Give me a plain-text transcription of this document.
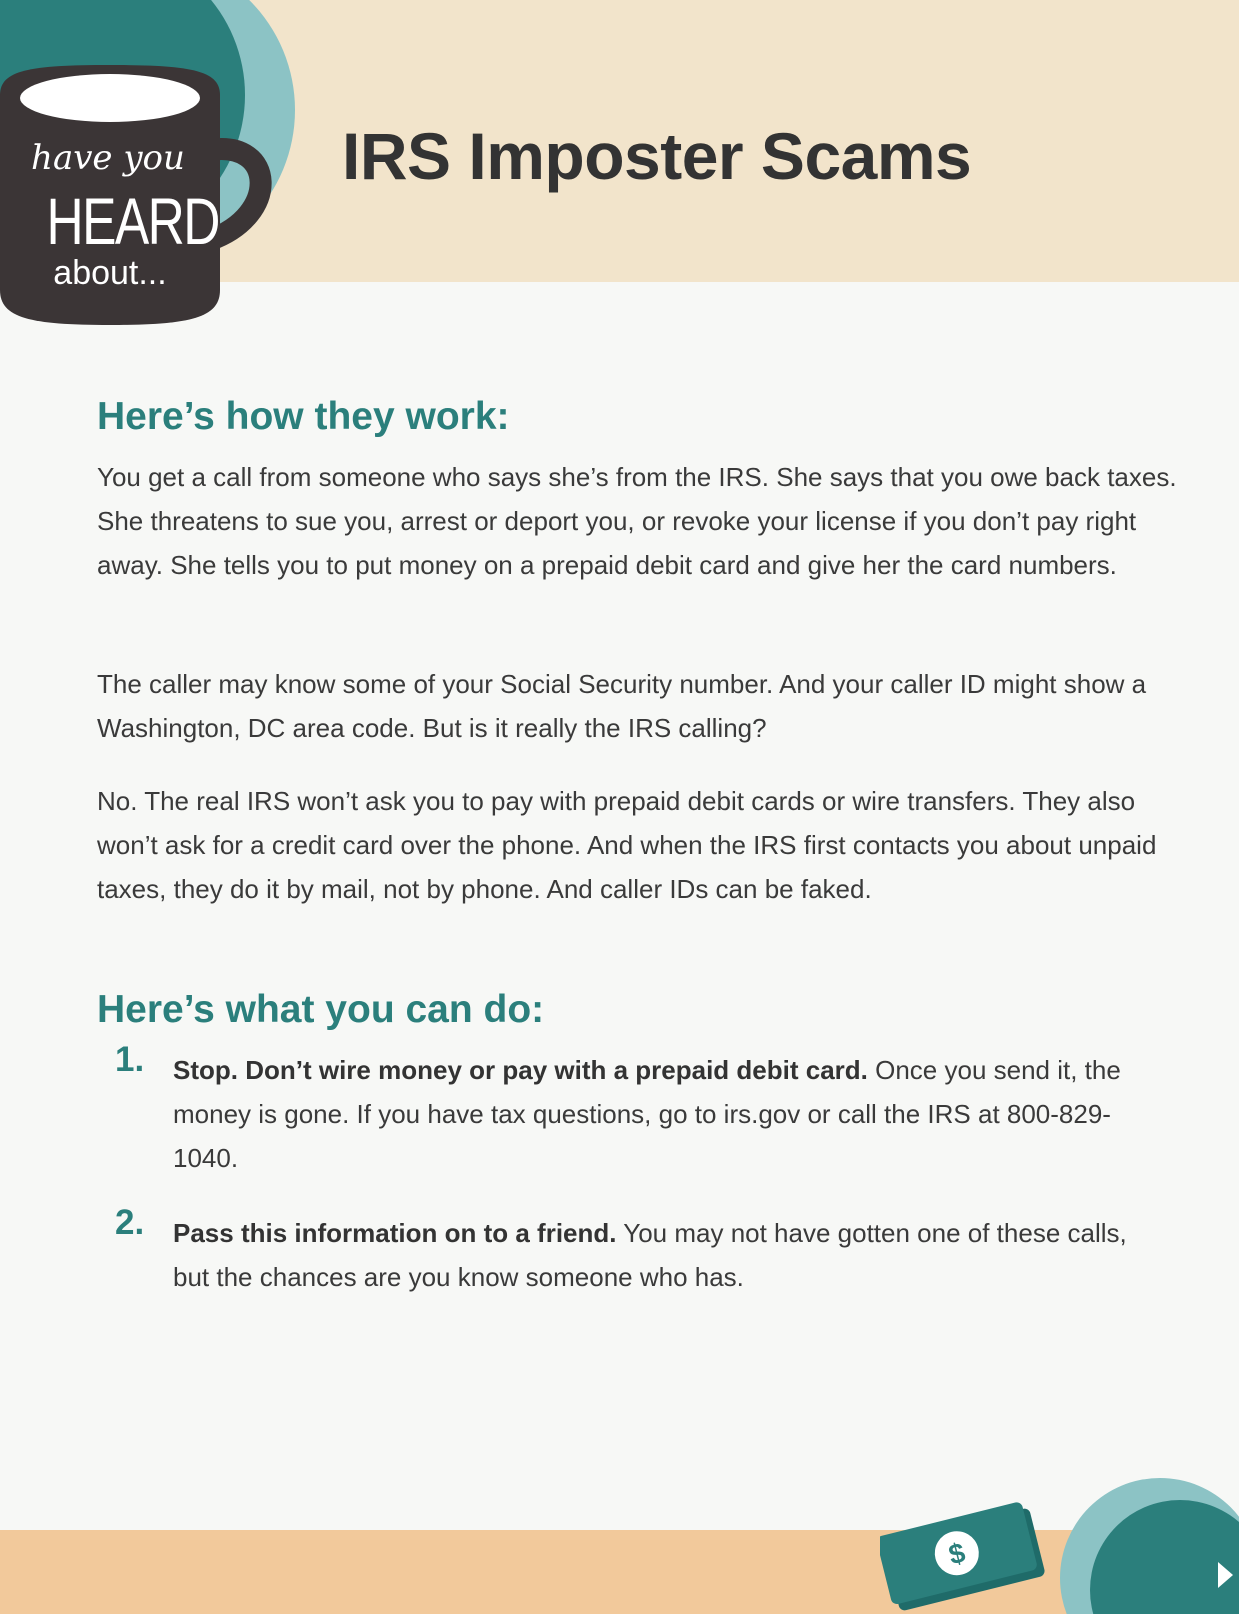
have you
HEARD
about...
IRS Imposter Scams
Here’s how they work:

You get a call from someone who says she’s from the IRS. She says that you owe back taxes. She threatens to sue you, arrest or deport you, or revoke your license if you don’t pay right away. She tells you to put money on a prepaid debit card and give her the card numbers.

The caller may know some of your Social Security number. And your caller ID might show a Washington, DC area code. But is it really the IRS calling?

No. The real IRS won’t ask you to pay with prepaid debit cards or wire transfers. They also won’t ask for a credit card over the phone. And when the IRS first contacts you about unpaid taxes, they do it by mail, not by phone. And caller IDs can be faked.

Here’s what you can do:
1. Stop. Don’t wire money or pay with a prepaid debit card. Once you send it, the money is gone. If you have tax questions, go to irs.gov or call the IRS at 800-829-1040.

2. Pass this information on to a friend. You may not have gotten one of these calls, but the chances are you know someone who has.

$
